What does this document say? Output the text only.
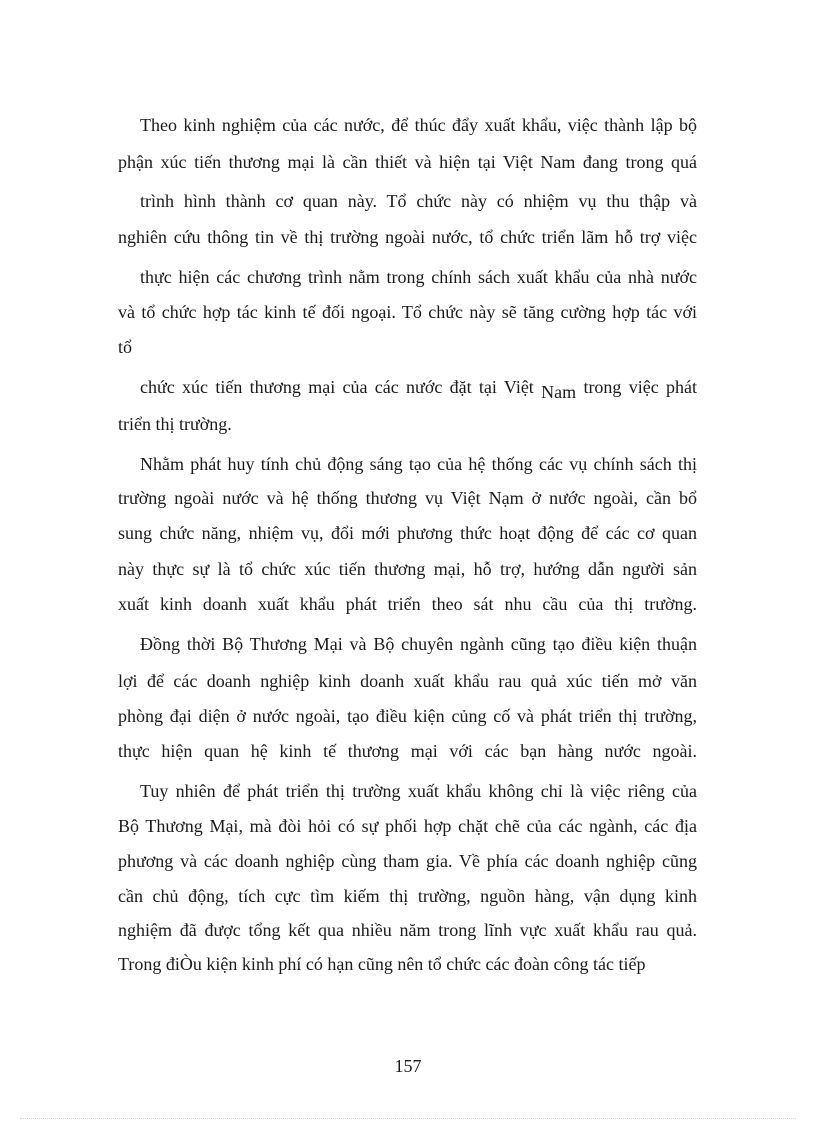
Theo kinh nghiệm của các nước, để thúc đẩy xuất khẩu, việc thành lập bộ
phận xúc tiến thương mại là cần thiết và hiện tại Việt Nam đang trong quá
trình hình thành cơ quan này. Tổ chức này có nhiệm vụ thu thập và
nghiên cứu thông tin về thị trường ngoài nước, tổ chức triển lãm hỗ trợ việc
thực hiện các chương trình nằm trong chính sách xuất khẩu của nhà nước
và tổ chức hợp tác kinh tế đối ngoại. Tổ chức này sẽ tăng cường hợp tác với
tổ
chức xúc tiến thương mại của các nước đặt tại Việt Nam trong việc phát
triển thị trường.
Nhằm phát huy tính chủ động sáng tạo của hệ thống các vụ chính sách thị
trường ngoài nước và hệ thống thương vụ Việt Nạm ở nước ngoài, cần bổ
sung chức năng, nhiệm vụ, đổi mới phương thức hoạt động để các cơ quan
này thực sự là tổ chức xúc tiến thương mại, hỗ trợ, hướng dẫn người sản
xuất kinh doanh xuất khẩu phát triển theo sát nhu cầu của thị trường.
Đồng thời Bộ Thương Mại và Bộ chuyên ngành cũng tạo điều kiện thuận
lợi để các doanh nghiệp kinh doanh xuất khẩu rau quả xúc tiến mở văn
phòng đại diện ở nước ngoài, tạo điều kiện củng cố và phát triển thị trường,
thực hiện quan hệ kinh tế thương mại với các bạn hàng nước ngoài.
Tuy nhiên để phát triển thị trường xuất khẩu không chỉ là việc riêng của
Bộ Thương Mại, mà đòi hỏi có sự phối hợp chặt chẽ của các ngành, các địa
phương và các doanh nghiệp cùng tham gia. Về phía các doanh nghiệp cũng
cần chủ động, tích cực tìm kiếm thị trường, nguồn hàng, vận dụng kinh
nghiệm đã được tổng kết qua nhiều năm trong lĩnh vực xuất khẩu rau quả.
Trong điÒu kiện kinh phí có hạn cũng nên tổ chức các đoàn công tác tiếp
157
